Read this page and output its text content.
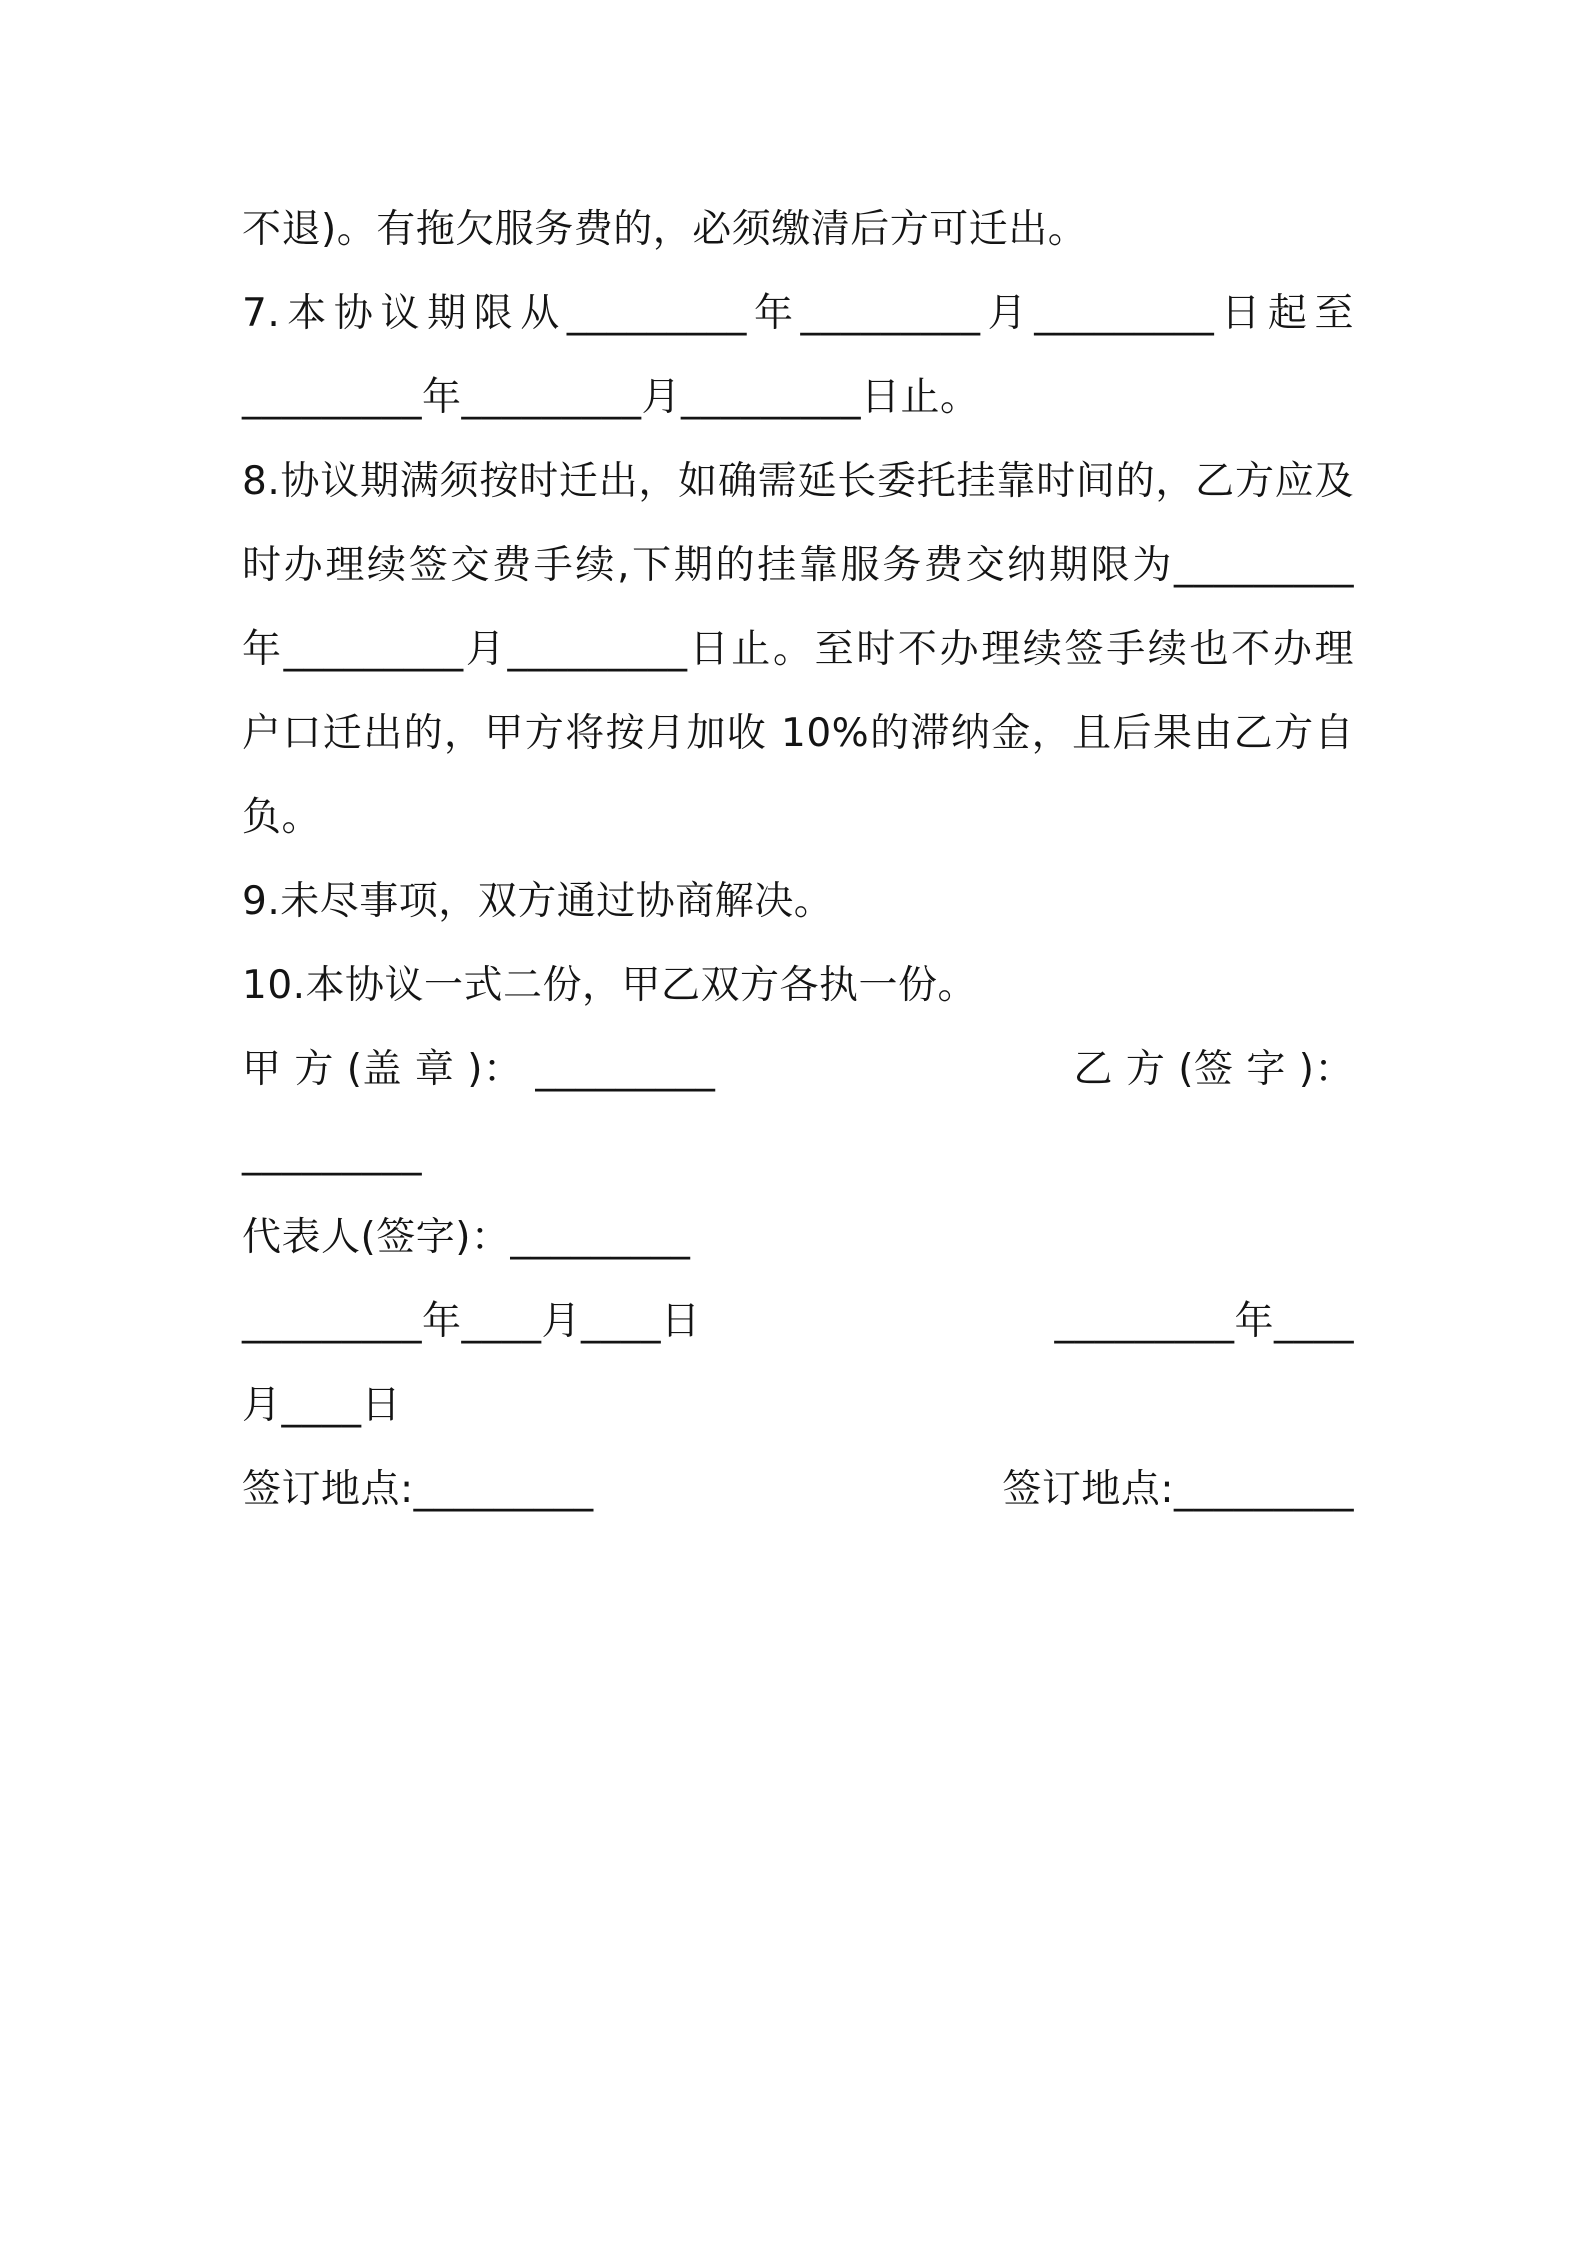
不退)。有拖欠服务费的，必须缴清后方可迁出。
7.本协议期限从_________年_________月_________日起至
_________年_________月_________日止。
8.协议期满须按时迁出，如确需延长委托挂靠时间的，乙方应及
时办理续签交费手续,下期的挂靠服务费交纳期限为_________
年_________月_________日止。至时不办理续签手续也不办理
户口迁出的，甲方将按月加收 10%的滞纳金，且后果由乙方自
负。
9.未尽事项，双方通过协商解决。
10.本协议一式二份，甲乙双方各执一份。
甲 方 (盖 章 )： _________	乙 方 (签 字 )：
_________
代表人(签字)：_________
_________年____月____日	_________年____
月____日
签订地点:_________	签订地点:_________
